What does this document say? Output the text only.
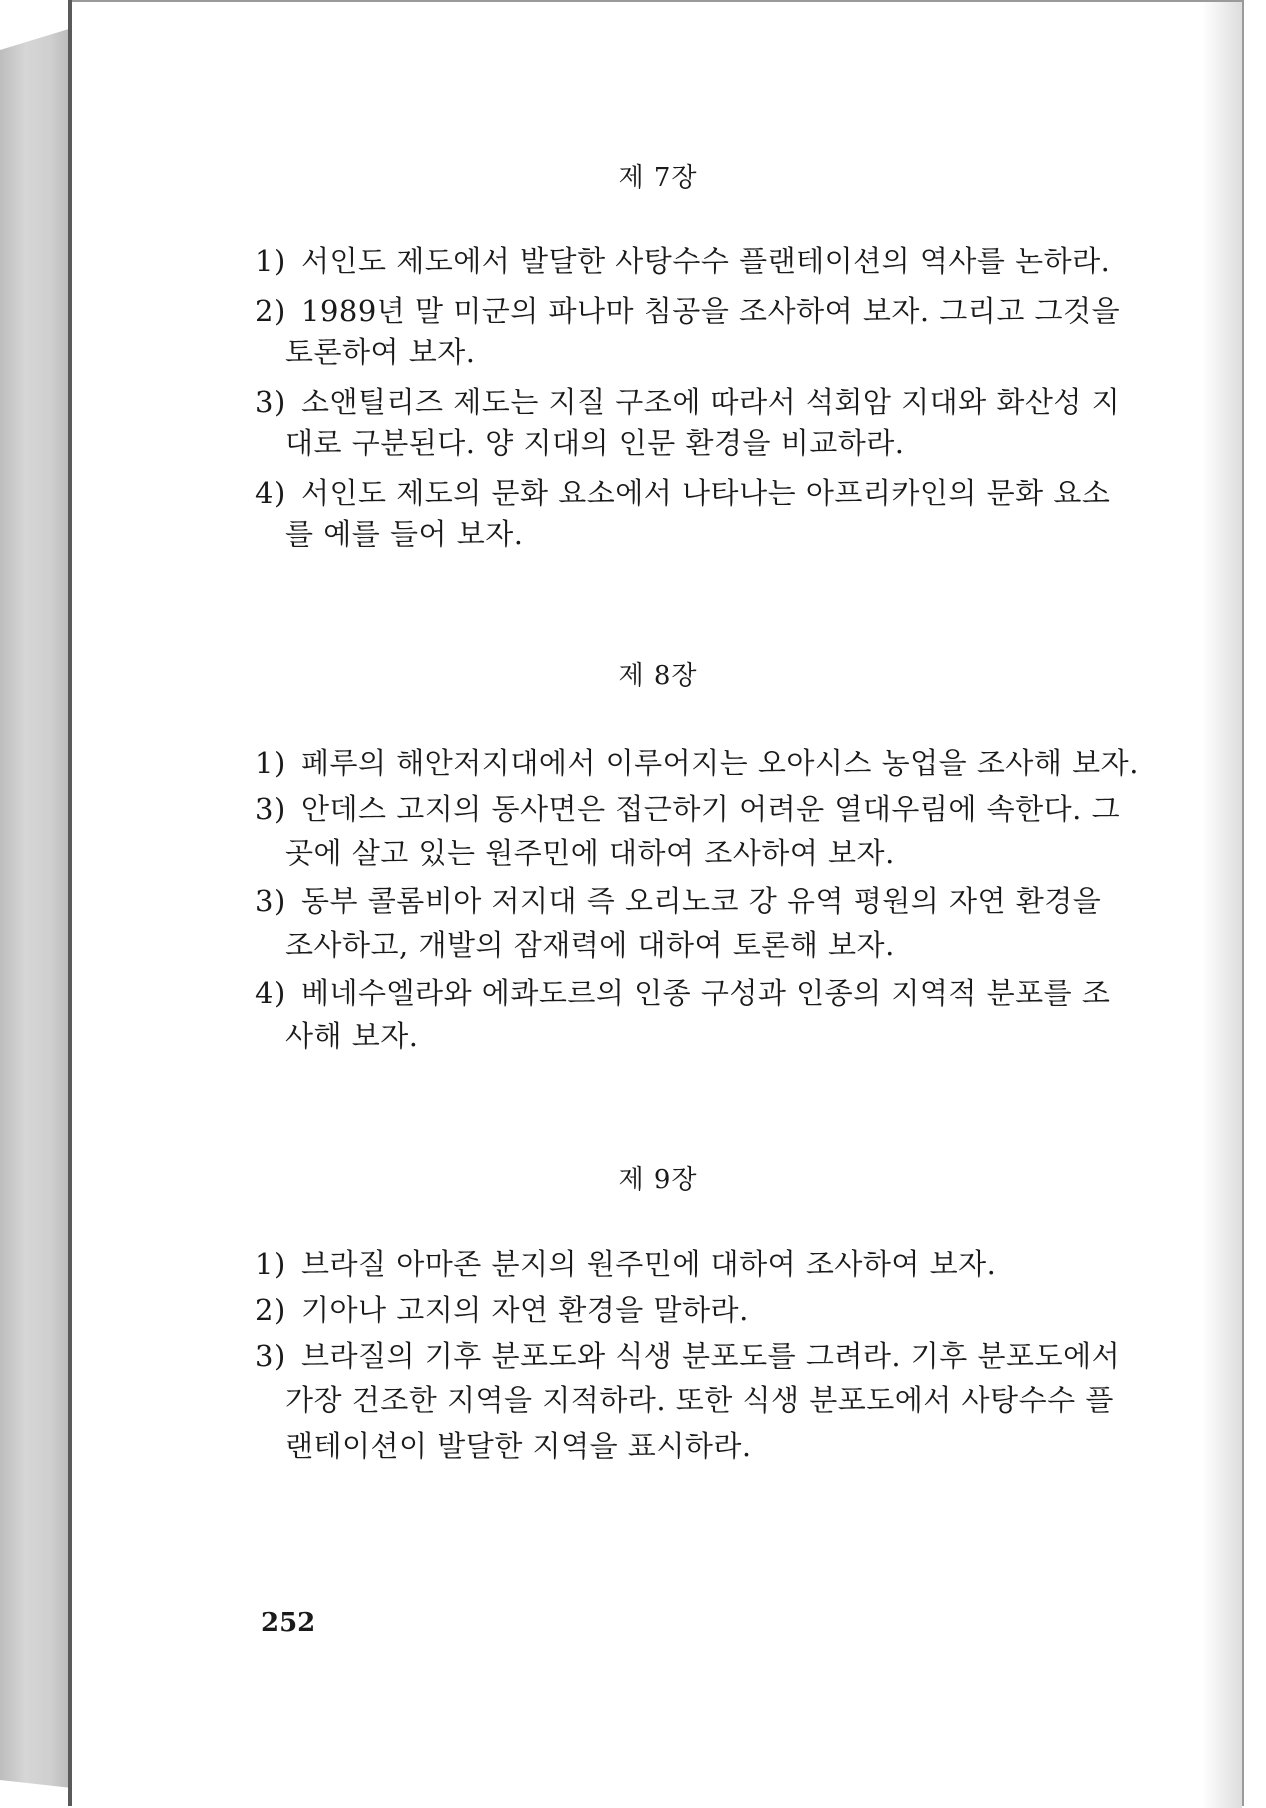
제 7장
1) 서인도 제도에서 발달한 사탕수수 플랜테이션의 역사를 논하라.
2) 1989년 말 미군의 파나마 침공을 조사하여 보자. 그리고 그것을
토론하여 보자.
3) 소앤틸리즈 제도는 지질 구조에 따라서 석회암 지대와 화산성 지
대로 구분된다. 양 지대의 인문 환경을 비교하라.
4) 서인도 제도의 문화 요소에서 나타나는 아프리카인의 문화 요소
를 예를 들어 보자.
제 8장
1) 페루의 해안저지대에서 이루어지는 오아시스 농업을 조사해 보자.
3) 안데스 고지의 동사면은 접근하기 어려운 열대우림에 속한다. 그
곳에 살고 있는 원주민에 대하여 조사하여 보자.
3) 동부 콜롬비아 저지대 즉 오리노코 강 유역 평원의 자연 환경을
조사하고, 개발의 잠재력에 대하여 토론해 보자.
4) 베네수엘라와 에콰도르의 인종 구성과 인종의 지역적 분포를 조
사해 보자.
제 9장
1) 브라질 아마존 분지의 원주민에 대하여 조사하여 보자.
2) 기아나 고지의 자연 환경을 말하라.
3) 브라질의 기후 분포도와 식생 분포도를 그려라. 기후 분포도에서
가장 건조한 지역을 지적하라. 또한 식생 분포도에서 사탕수수 플
랜테이션이 발달한 지역을 표시하라.
252
